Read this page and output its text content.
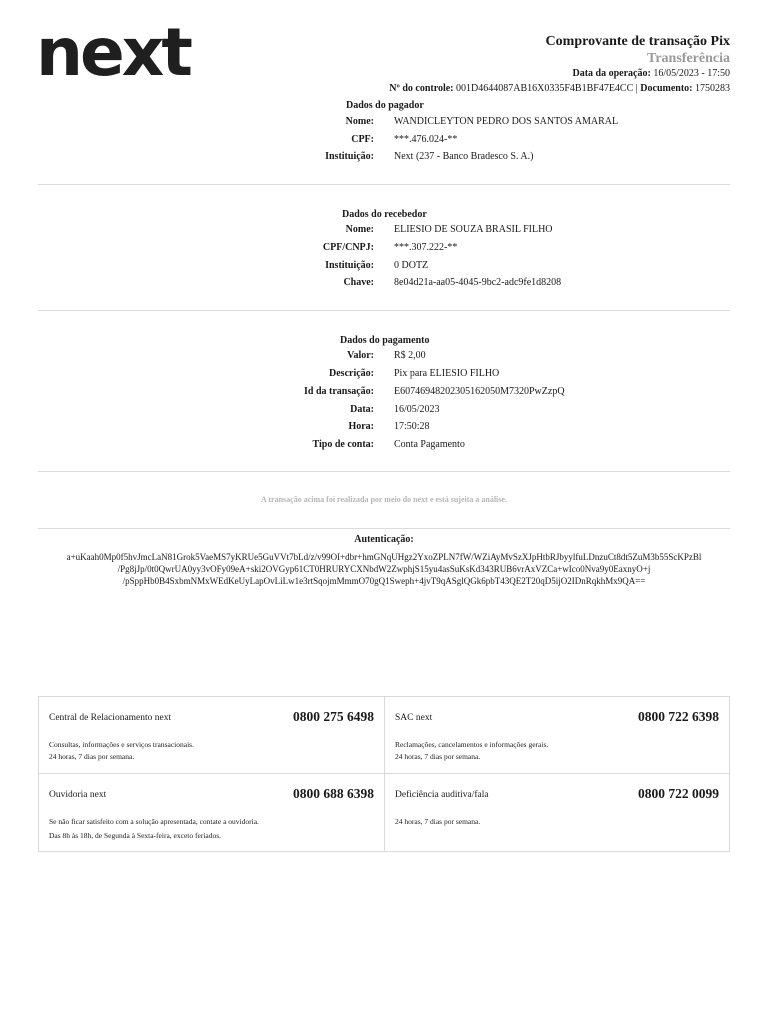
next	Comprovante de transação Pix
Transferência
Data da operação: 16/05/2023 - 17:50
Nº do controle: 001D4644087AB16X0335F4B1BF47E4CC | Documento: 1750283
Dados do pagador
Nome: WANDICLEYTON PEDRO DOS SANTOS AMARAL
CPF: ***.476.024-**
Instituição: Next (237 - Banco Bradesco S. A.)
Dados do recebedor
Nome: ELIESIO DE SOUZA BRASIL FILHO
CPF/CNPJ: ***.307.222-**
Instituição: 0 DOTZ
Chave: 8e04d21a-aa05-4045-9bc2-adc9fe1d8208
Dados do pagamento
Valor: R$ 2,00
Descrição: Pix para ELIESIO FILHO
Id da transação: E60746948202305162050M7320PwZzpQ
Data: 16/05/2023
Hora: 17:50:28
Tipo de conta: Conta Pagamento
A transação acima foi realizada por meio do next e está sujeita a análise.
Autenticação:
a+uKaah0Mp0f5hvJmcLaN81Grok5VaeMS7yKRUe5GuVVt7bLd/z/v99OI+dbr+hmGNqUHgz2YxoZPLN7fW/WZiAyMvSzXJpHtbRJbyylfuLDnzuCt8dt5ZuM3b55ScKPzBl
/Pg8jJp/0t0QwrUA0yy3vOFy09eA+ski2OVGyp61CT0HRURYCXNbdW2ZwphjS15yu4asSuKsKd343RUB6vrAxVZCa+wIco0Nva9y0EaxnyO+j
/pSppHb0B4SxbmNMxWEdKeUyLapOvLiLw1e3rtSqojmMmmO70gQ1Sweph+4jvT9qASglQGk6pbT43QE2T20qD5ijO2IDnRqkhMx9QA==
Central de Relacionamento next	0800 275 6498
Consultas, informações e serviços transacionais.
24 horas, 7 dias por semana.
SAC next	0800 722 6398
Reclamações, cancelamentos e informações gerais.
24 horas, 7 dias por semana.
Ouvidoria next	0800 688 6398
Se não ficar satisfeito com a solução apresentada, contate a ouvidoria.
Das 8h às 18h, de Segunda à Sexta-feira, exceto feriados.
Deficiência auditiva/fala	0800 722 0099
24 horas, 7 dias por semana.
